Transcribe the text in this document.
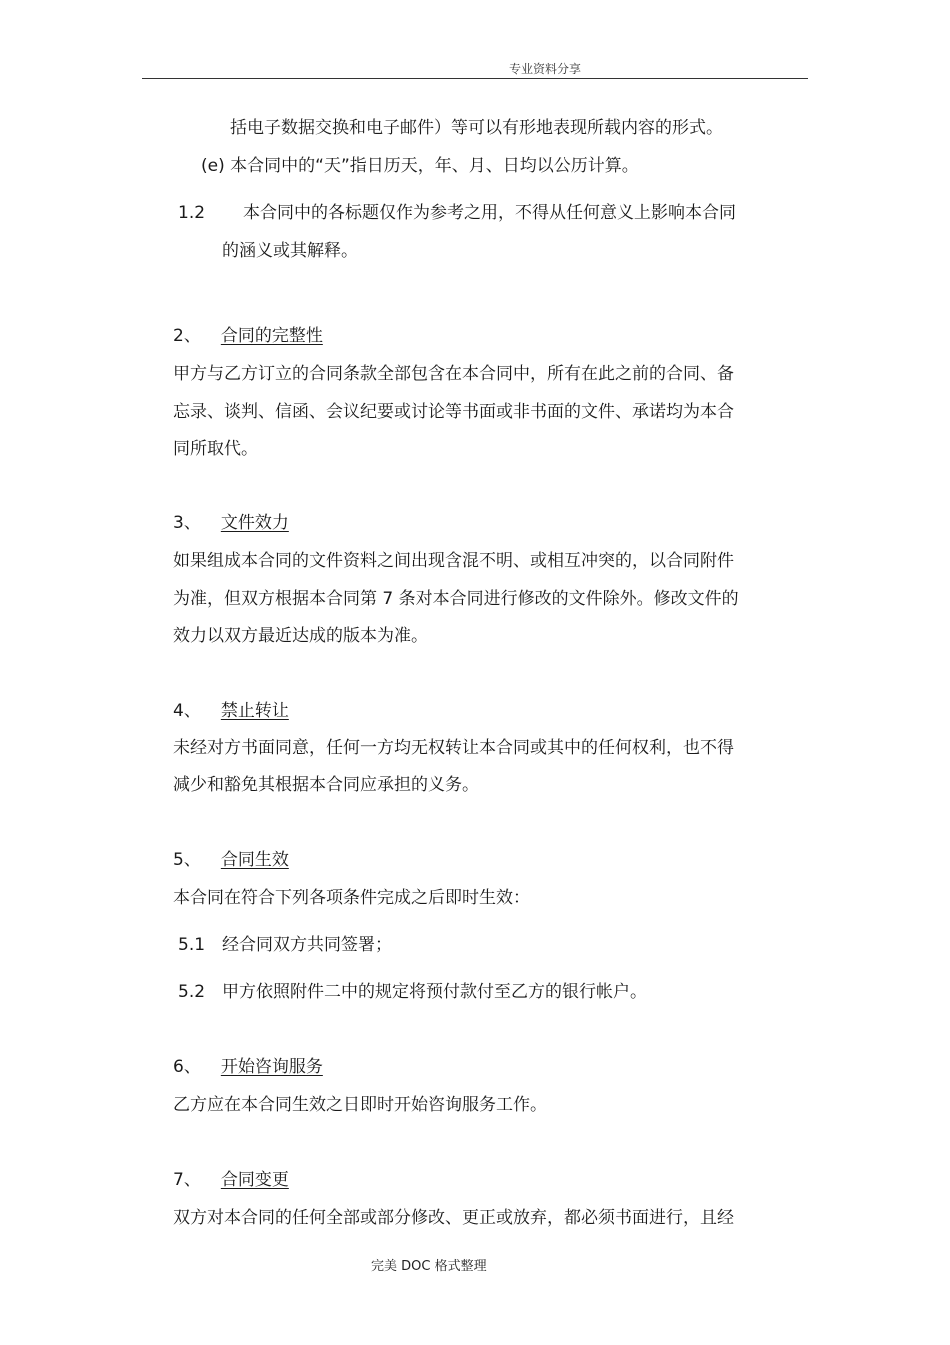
专业资料分享
括电子数据交换和电子邮件）等可以有形地表现所载内容的形式。
(e) 本合同中的“天”指日历天，年、月、日均以公历计算。
1.2 本合同中的各标题仅作为参考之用，不得从任何意义上影响本合同
的涵义或其解释。
2、 合同的完整性
甲方与乙方订立的合同条款全部包含在本合同中，所有在此之前的合同、备
忘录、谈判、信函、会议纪要或讨论等书面或非书面的文件、承诺均为本合
同所取代。
3、 文件效力
如果组成本合同的文件资料之间出现含混不明、或相互冲突的，以合同附件
为准，但双方根据本合同第 7 条对本合同进行修改的文件除外。修改文件的
效力以双方最近达成的版本为准。
4、 禁止转让
未经对方书面同意，任何一方均无权转让本合同或其中的任何权利，也不得
减少和豁免其根据本合同应承担的义务。
5、 合同生效
本合同在符合下列各项条件完成之后即时生效：
5.1 经合同双方共同签署；
5.2 甲方依照附件二中的规定将预付款付至乙方的银行帐户。
6、 开始咨询服务
乙方应在本合同生效之日即时开始咨询服务工作。
7、 合同变更
双方对本合同的任何全部或部分修改、更正或放弃，都必须书面进行，且经
完美 DOC 格式整理
